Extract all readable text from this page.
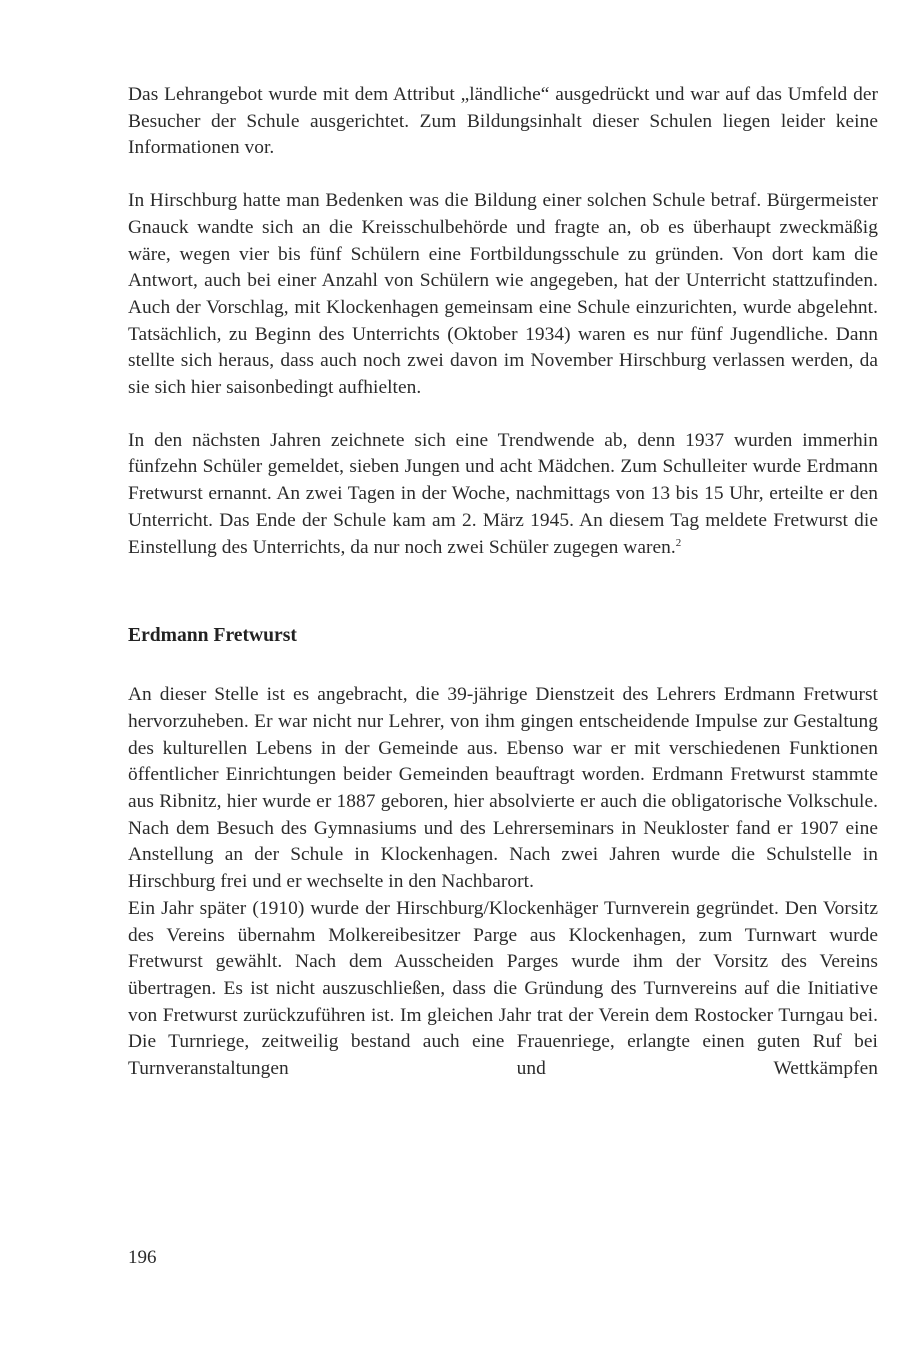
Das Lehrangebot wurde mit dem Attribut „ländliche“ ausgedrückt und war auf das Umfeld der Besucher der Schule ausgerichtet. Zum Bildungsinhalt dieser Schulen liegen leider keine Informationen vor.

In Hirschburg hatte man Bedenken was die Bildung einer solchen Schule betraf. Bürgermeister Gnauck wandte sich an die Kreisschulbehörde und fragte an, ob es überhaupt zweckmäßig wäre, wegen vier bis fünf Schülern eine Fortbildungsschule zu gründen. Von dort kam die Antwort, auch bei einer Anzahl von Schülern wie angegeben, hat der Unterricht stattzufinden. Auch der Vorschlag, mit Klockenhagen gemeinsam eine Schule einzurichten, wurde abgelehnt. Tatsächlich, zu Beginn des Unterrichts (Oktober 1934) waren es nur fünf Jugendliche. Dann stellte sich heraus, dass auch noch zwei davon im November Hirschburg verlassen werden, da sie sich hier saisonbedingt aufhielten.

In den nächsten Jahren zeichnete sich eine Trendwende ab, denn 1937 wurden immerhin fünfzehn Schüler gemeldet, sieben Jungen und acht Mädchen. Zum Schulleiter wurde Erdmann Fretwurst ernannt. An zwei Tagen in der Woche, nachmittags von 13 bis 15 Uhr, erteilte er den Unterricht. Das Ende der Schule kam am 2. März 1945. An diesem Tag meldete Fretwurst die Einstellung des Unterrichts, da nur noch zwei Schüler zugegen waren.$^2$

Erdmann Fretwurst

An dieser Stelle ist es angebracht, die 39-jährige Dienstzeit des Lehrers Erdmann Fretwurst hervorzuheben. Er war nicht nur Lehrer, von ihm gingen entscheidende Impulse zur Gestaltung des kulturellen Lebens in der Gemeinde aus. Ebenso war er mit verschiedenen Funktionen öffentlicher Einrichtungen beider Gemeinden beauftragt worden. Erdmann Fretwurst stammte aus Ribnitz, hier wurde er 1887 geboren, hier absolvierte er auch die obligatorische Volkschule. Nach dem Besuch des Gymnasiums und des Lehrerseminars in Neukloster fand er 1907 eine Anstellung an der Schule in Klockenhagen. Nach zwei Jahren wurde die Schulstelle in Hirschburg frei und er wechselte in den Nachbarort.

Ein Jahr später (1910) wurde der Hirschburg/Klockenhäger Turnverein gegründet. Den Vorsitz des Vereins übernahm Molkereibesitzer Parge aus Klockenhagen, zum Turnwart wurde Fretwurst gewählt. Nach dem Ausscheiden Parges wurde ihm der Vorsitz des Vereins übertragen. Es ist nicht auszuschließen, dass die Gründung des Turnvereins auf die Initiative von Fretwurst zurückzuführen ist. Im gleichen Jahr trat der Verein dem Rostocker Turngau bei. Die Turnriege, zeitweilig bestand auch eine Frauenriege, erlangte einen guten Ruf bei Turnveranstaltungen und Wettkämpfen

196
